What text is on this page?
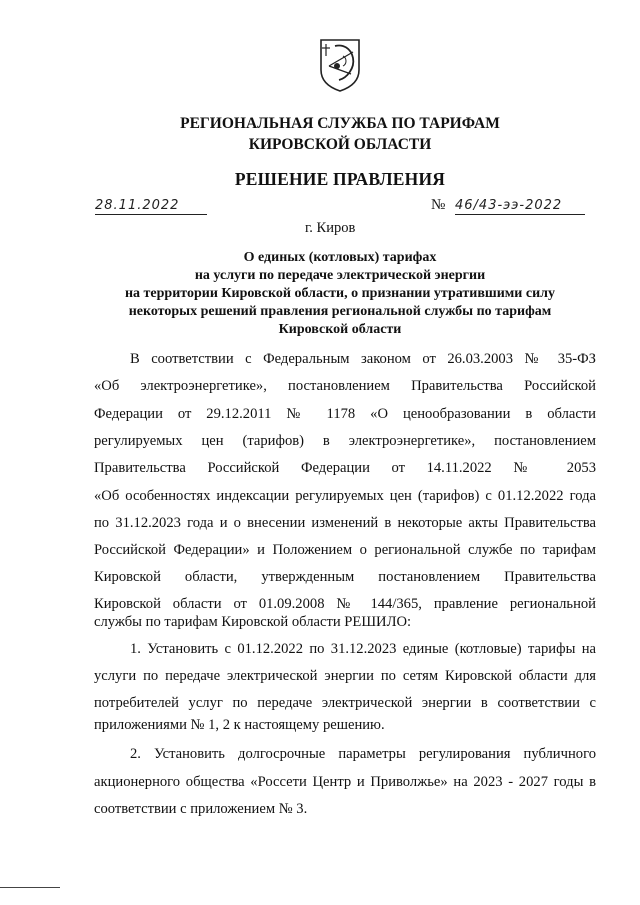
РЕГИОНАЛЬНАЯ СЛУЖБА ПО ТАРИФАМ
КИРОВСКОЙ ОБЛАСТИ
РЕШЕНИЕ ПРАВЛЕНИЯ
28.11.2022	№ 46/43-ээ-2022
г. Киров
О единых (котловых) тарифах
на услуги по передаче электрической энергии
на территории Кировской области, о признании утратившими силу
некоторых решений правления региональной службы по тарифам
Кировской области
В соответствии с Федеральным законом от 26.03.2003 № 35-ФЗ
«Об электроэнергетике», постановлением Правительства Российской
Федерации от 29.12.2011 № 1178 «О ценообразовании в области
регулируемых цен (тарифов) в электроэнергетике», постановлением
Правительства Российской Федерации от 14.11.2022 № 2053
«Об особенностях индексации регулируемых цен (тарифов) с 01.12.2022 года
по 31.12.2023 года и о внесении изменений в некоторые акты Правительства
Российской Федерации» и Положением о региональной службе по тарифам
Кировской области, утвержденным постановлением Правительства
Кировской области от 01.09.2008 № 144/365, правление региональной
службы по тарифам Кировской области РЕШИЛО:
1. Установить с 01.12.2022 по 31.12.2023 единые (котловые) тарифы на
услуги по передаче электрической энергии по сетям Кировской области для
потребителей услуг по передаче электрической энергии в соответствии с
приложениями № 1, 2 к настоящему решению.
2. Установить долгосрочные параметры регулирования публичного
акционерного общества «Россети Центр и Приволжье» на 2023 - 2027 годы в
соответствии с приложением № 3.
